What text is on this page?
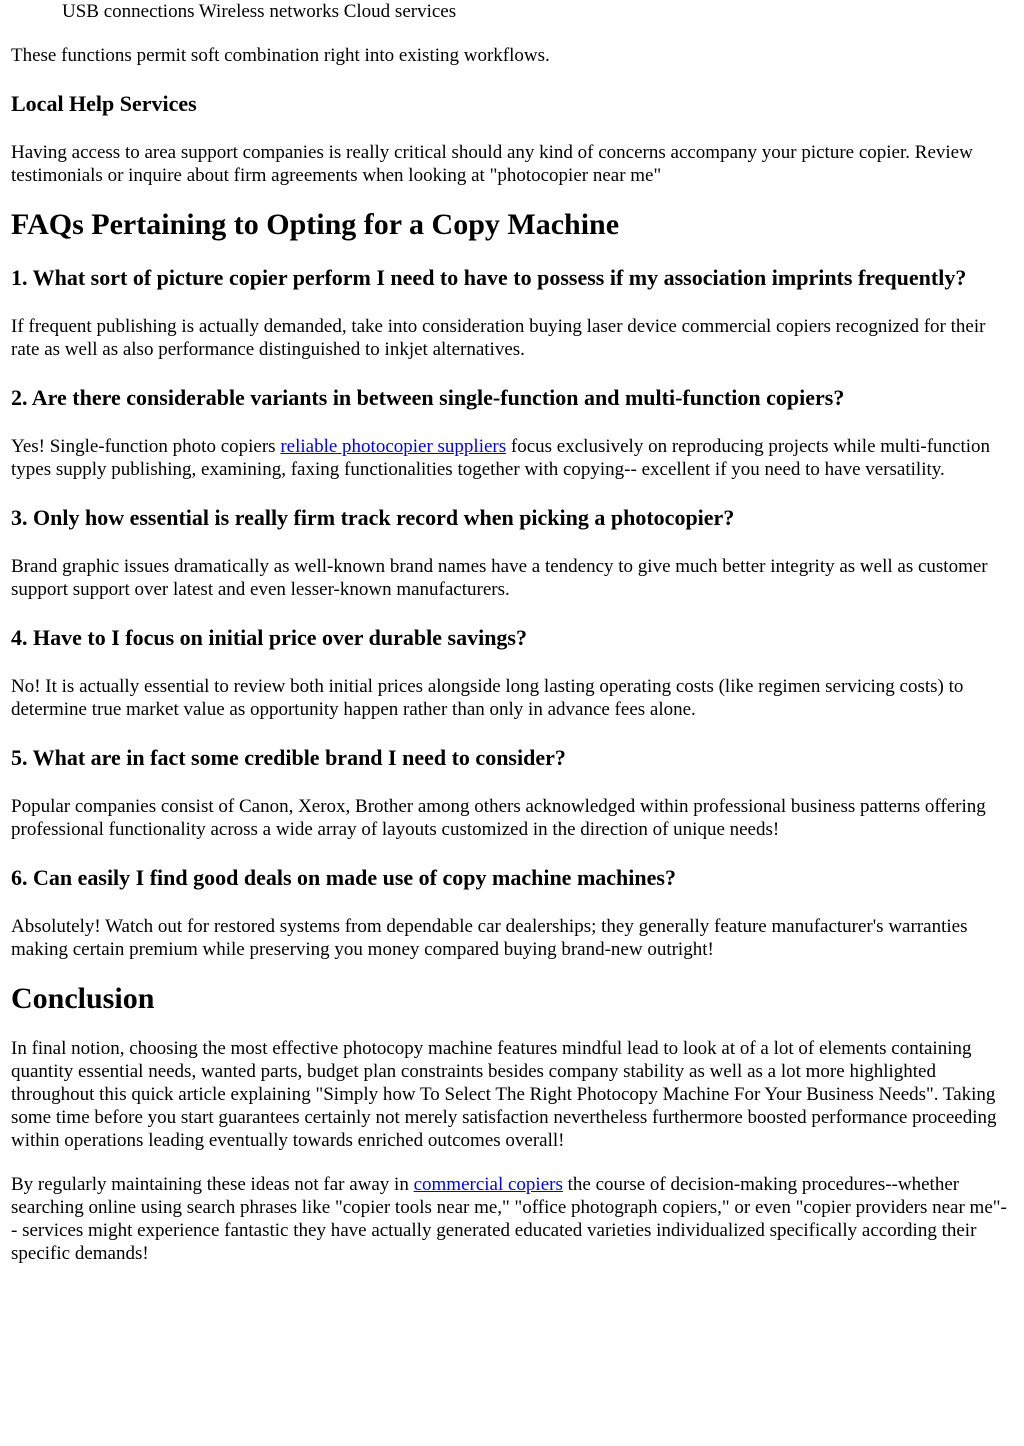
USB connections Wireless networks Cloud services

These functions permit soft combination right into existing workflows.

Local Help Services

Having access to area support companies is really critical should any kind of concerns accompany your picture copier. Review testimonials or inquire about firm agreements when looking at "photocopier near me"

FAQs Pertaining to Opting for a Copy Machine
1. What sort of picture copier perform I need to have to possess if my association imprints frequently?

If frequent publishing is actually demanded, take into consideration buying laser device commercial copiers recognized for their rate as well as also performance distinguished to inkjet alternatives.

2. Are there considerable variants in between single-function and multi-function copiers?

Yes! Single-function photo copiers reliable photocopier suppliers focus exclusively on reproducing projects while multi-function types supply publishing, examining, faxing functionalities together with copying-- excellent if you need to have versatility.

3. Only how essential is really firm track record when picking a photocopier?

Brand graphic issues dramatically as well-known brand names have a tendency to give much better integrity as well as customer support support over latest and even lesser-known manufacturers.

4. Have to I focus on initial price over durable savings?

No! It is actually essential to review both initial prices alongside long lasting operating costs (like regimen servicing costs) to determine true market value as opportunity happen rather than only in advance fees alone.

5. What are in fact some credible brand I need to consider?

Popular companies consist of Canon, Xerox, Brother among others acknowledged within professional business patterns offering professional functionality across a wide array of layouts customized in the direction of unique needs!

6. Can easily I find good deals on made use of copy machine machines?

Absolutely! Watch out for restored systems from dependable car dealerships; they generally feature manufacturer's warranties making certain premium while preserving you money compared buying brand-new outright!

Conclusion

In final notion, choosing the most effective photocopy machine features mindful lead to look at of a lot of elements containing quantity essential needs, wanted parts, budget plan constraints besides company stability as well as a lot more highlighted throughout this quick article explaining "Simply how To Select The Right Photocopy Machine For Your Business Needs". Taking some time before you start guarantees certainly not merely satisfaction nevertheless furthermore boosted performance proceeding within operations leading eventually towards enriched outcomes overall!

By regularly maintaining these ideas not far away in commercial copiers the course of decision-making procedures--whether searching online using search phrases like "copier tools near me," "office photograph copiers," or even "copier providers near me"-- services might experience fantastic they have actually generated educated varieties individualized specifically according their specific demands!
